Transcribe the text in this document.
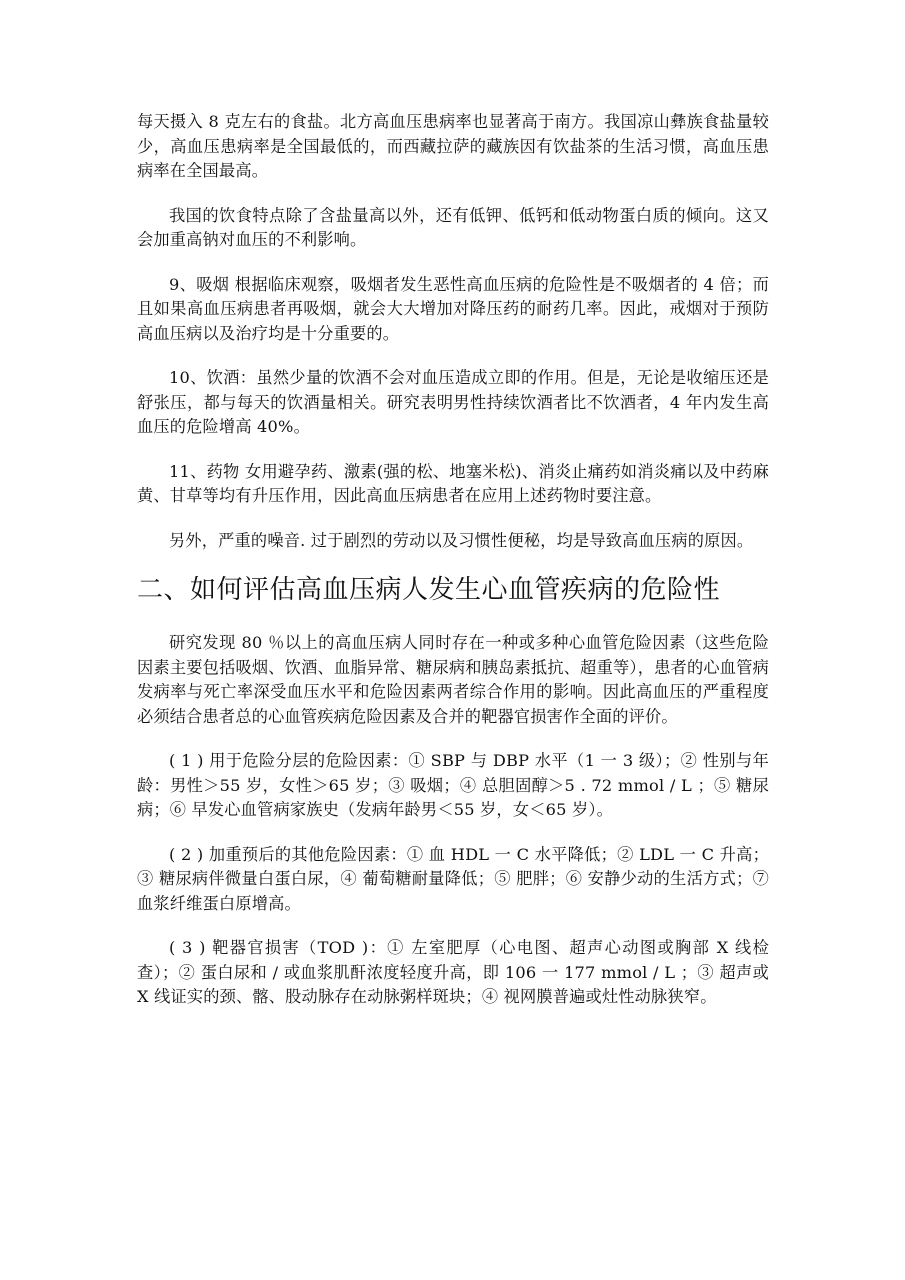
每天摄入 8 克左右的食盐。北方高血压患病率也显著高于南方。我国凉山彝族食盐量较少，高血压患病率是全国最低的，而西藏拉萨的藏族因有饮盐茶的生活习惯，高血压患病率在全国最高。

我国的饮食特点除了含盐量高以外，还有低钾、低钙和低动物蛋白质的倾向。这又会加重高钠对血压的不利影响。

9、吸烟 根据临床观察，吸烟者发生恶性高血压病的危险性是不吸烟者的 4 倍；而且如果高血压病患者再吸烟，就会大大增加对降压药的耐药几率。因此，戒烟对于预防高血压病以及治疗均是十分重要的。

10、饮酒：虽然少量的饮酒不会对血压造成立即的作用。但是，无论是收缩压还是舒张压，都与每天的饮酒量相关。研究表明男性持续饮酒者比不饮酒者，4 年内发生高血压的危险增高 40%。

11、药物 女用避孕药、激素(强的松、地塞米松)、消炎止痛药如消炎痛以及中药麻黄、甘草等均有升压作用，因此高血压病患者在应用上述药物时要注意。

另外，严重的噪音. 过于剧烈的劳动以及习惯性便秘，均是导致高血压病的原因。

二、如何评估高血压病人发生心血管疾病的危险性

研究发现 80 ％以上的高血压病人同时存在一种或多种心血管危险因素（这些危险因素主要包括吸烟、饮酒、血脂异常、糖尿病和胰岛素抵抗、超重等），患者的心血管病发病率与死亡率深受血压水平和危险因素两者综合作用的影响。因此高血压的严重程度必须结合患者总的心血管疾病危险因素及合并的靶器官损害作全面的评价。

( 1 ) 用于危险分层的危险因素：① SBP 与 DBP 水平（1 一 3 级）；② 性别与年龄：男性＞55 岁，女性＞65 岁；③ 吸烟；④ 总胆固醇＞5 . 72 mmol / L ；⑤ 糖尿病；⑥ 早发心血管病家族史（发病年龄男＜55 岁，女＜65 岁）。

( 2 ) 加重预后的其他危险因素：① 血 HDL 一 C 水平降低；② LDL 一 C 升高；③ 糖尿病伴微量白蛋白尿，④ 葡萄糖耐量降低；⑤ 肥胖；⑥ 安静少动的生活方式；⑦ 血浆纤维蛋白原增高。

( 3 ) 靶器官损害（TOD )：① 左室肥厚（心电图、超声心动图或胸部 X 线检查）；② 蛋白尿和 / 或血浆肌酐浓度轻度升高，即 106 一 177 mmol / L ；③ 超声或 X 线证实的颈、髂、股动脉存在动脉粥样斑块；④ 视网膜普遍或灶性动脉狭窄。
